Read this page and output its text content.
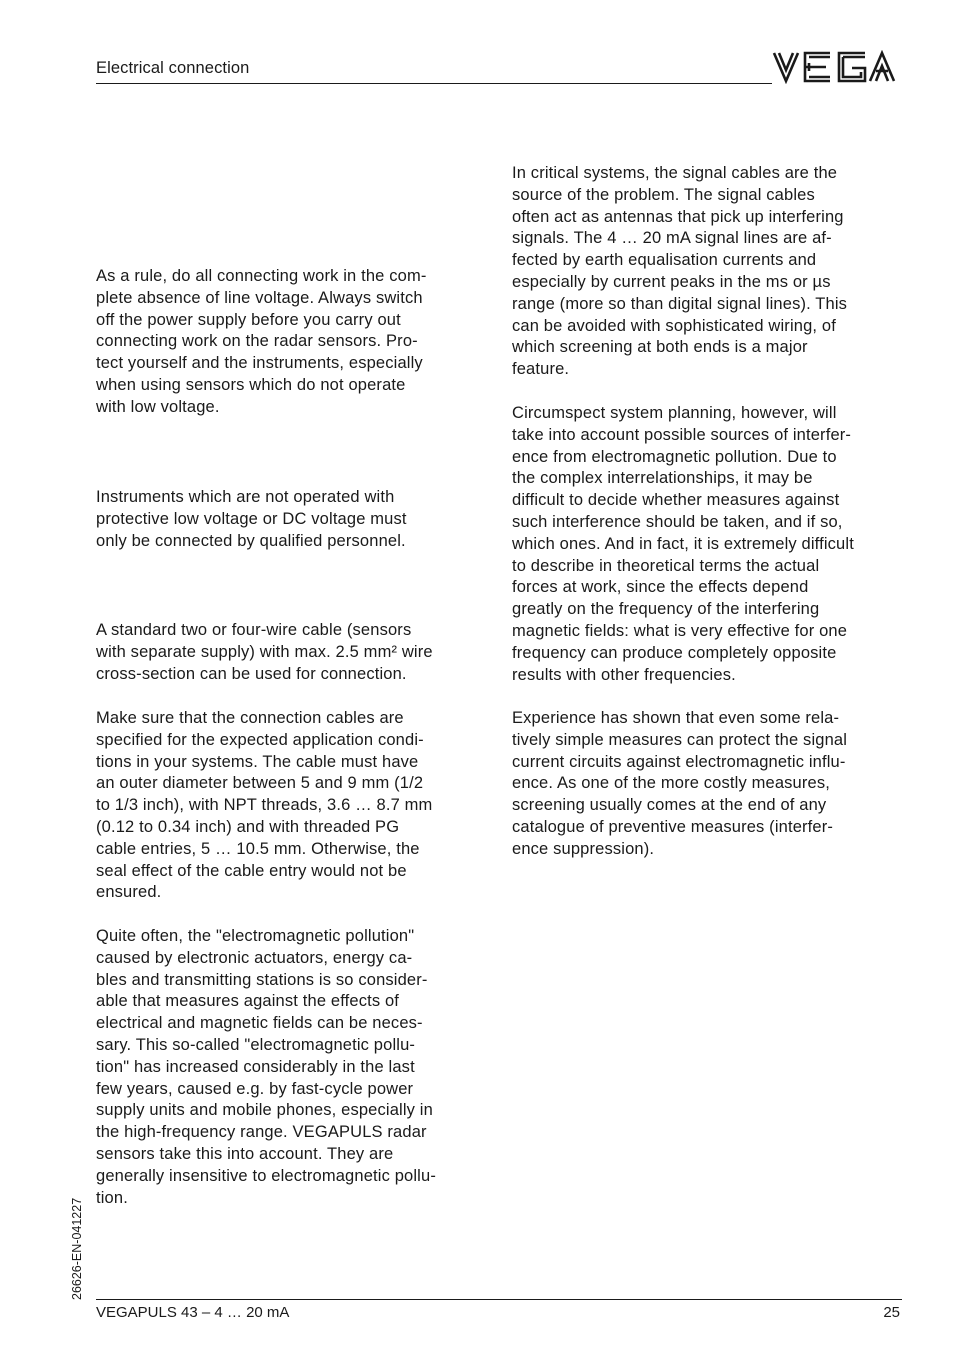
Electrical connection

As a rule, do all connecting work in the com-

plete absence of line voltage. Always switch

off the power supply before you carry out

connecting work on the radar sensors. Pro-

tect yourself and the instruments, especially

when using sensors which do not operate

with low voltage.

Instruments which are not operated with

protective low voltage or DC voltage must

only be connected by qualified personnel.

A standard two or four-wire cable (sensors

with separate supply) with max. 2.5 mm² wire

cross-section can be used for connection.

Make sure that the connection cables are

specified for the expected application condi-

tions in your systems. The cable must have

an outer diameter between 5 and 9 mm (1/2

to 1/3 inch), with NPT threads, 3.6 … 8.7 mm

(0.12 to 0.34 inch) and with threaded PG

cable entries, 5 … 10.5 mm. Otherwise, the

seal effect of the cable entry would not be

ensured.

Quite often, the "electromagnetic pollution"

caused by electronic actuators, energy ca-

bles and transmitting stations is so consider-

able that measures against the effects of

electrical and magnetic fields can be neces-

sary. This so-called "electromagnetic pollu-

tion" has increased considerably in the last

few years, caused e.g. by fast-cycle power

supply units and mobile phones, especially in

the high-frequency range. VEGAPULS radar

sensors take this into account. They are

generally insensitive to electromagnetic pollu-

tion.

In critical systems, the signal cables are the

source of the problem. The signal cables

often act as antennas that pick up interfering

signals. The 4 … 20 mA signal lines are af-

fected by earth equalisation currents and

especially by current peaks in the ms or µs

range (more so than digital signal lines). This

can be avoided with sophisticated wiring, of

which screening at both ends is a major

feature.

Circumspect system planning, however, will

take into account possible sources of interfer-

ence from electromagnetic pollution. Due to

the complex interrelationships, it may be

difficult to decide whether measures against

such interference should be taken, and if so,

which ones. And in fact, it is extremely difficult

to describe in theoretical terms the actual

forces at work, since the effects depend

greatly on the frequency of the interfering

magnetic fields: what is very effective for one

frequency can produce completely opposite

results with other frequencies.

Experience has shown that even some rela-

tively simple measures can protect the signal

current circuits against electromagnetic influ-

ence. As one of the more costly measures,

screening usually comes at the end of any

catalogue of preventive measures (interfer-

ence suppression).

26626-EN-041227
VEGAPULS 43 – 4 … 20 mA	25
